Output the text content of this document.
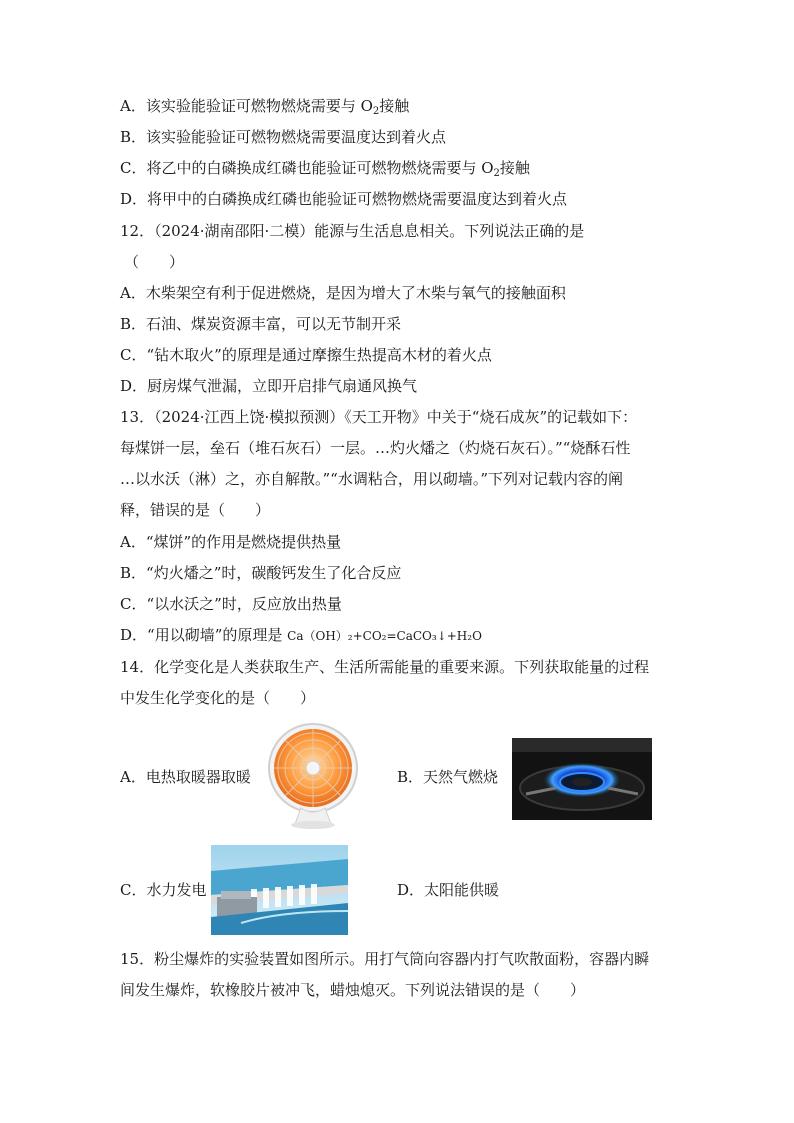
A．该实验能验证可燃物燃烧需要与 $O_2$接触
B．该实验能验证可燃物燃烧需要温度达到着火点
C．将乙中的白磷换成红磷也能验证可燃物燃烧需要与 $O_2$接触
D．将甲中的白磷换成红磷也能验证可燃物燃烧需要温度达到着火点
12．（2024·湖南邵阳·二模）能源与生活息息相关。下列说法正确的是
（　　）
A．木柴架空有利于促进燃烧，是因为增大了木柴与氧气的接触面积
B．石油、煤炭资源丰富，可以无节制开采
C．“钻木取火”的原理是通过摩擦生热提高木材的着火点
D．厨房煤气泄漏，立即开启排气扇通风换气
13．（2024·江西上饶·模拟预测）《天工开物》中关于“烧石成灰”的记载如下：
每煤饼一层，垒石（堆石灰石）一层。…灼火燔之（灼烧石灰石）。”“烧酥石性
…以水沃（淋）之，亦自解散。”“水调粘合，用以砌墙。”下列对记载内容的阐
释，错误的是（　　）
A．“煤饼”的作用是燃烧提供热量
B．“灼火燔之”时，碳酸钙发生了化合反应
C．“以水沃之”时，反应放出热量
D．“用以砌墙”的原理是 Ca（OH）₂+CO₂=CaCO₃↓+H₂O
14．化学变化是人类获取生产、生活所需能量的重要来源。下列获取能量的过程
中发生化学变化的是（　　）
A．电热取暖器取暖	B．天然气燃烧
C．水力发电	D．太阳能供暖
15．粉尘爆炸的实验装置如图所示。用打气筒向容器内打气吹散面粉，容器内瞬
间发生爆炸，软橡胶片被冲飞，蜡烛熄灭。下列说法错误的是（　　）
